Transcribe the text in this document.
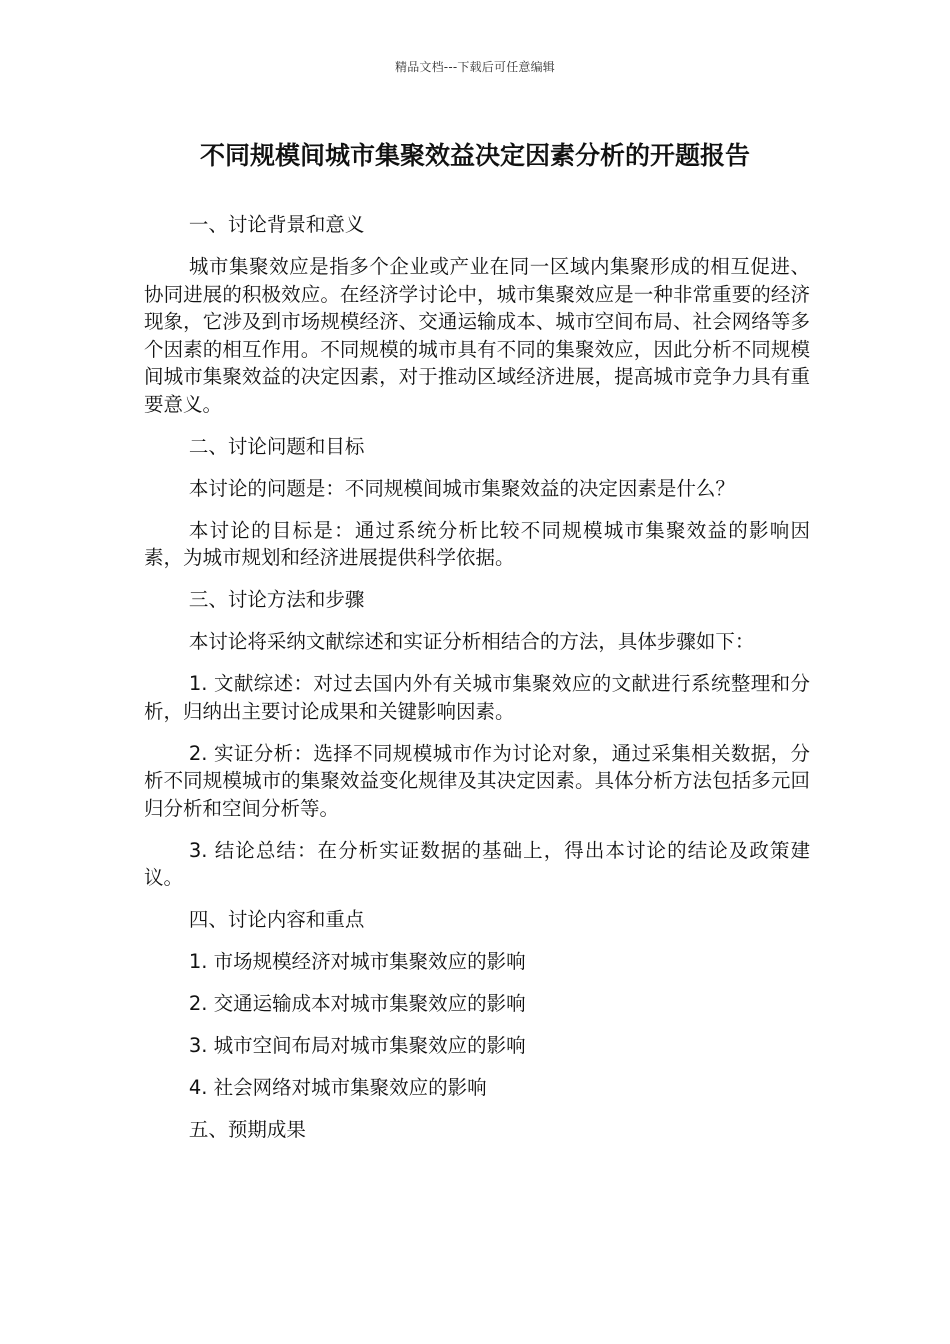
精品文档---下载后可任意编辑
不同规模间城市集聚效益决定因素分析的开题报告

一、讨论背景和意义

城市集聚效应是指多个企业或产业在同一区域内集聚形成的相互促进、协同进展的积极效应。在经济学讨论中，城市集聚效应是一种非常重要的经济现象，它涉及到市场规模经济、交通运输成本、城市空间布局、社会网络等多个因素的相互作用。不同规模的城市具有不同的集聚效应，因此分析不同规模间城市集聚效益的决定因素，对于推动区域经济进展，提高城市竞争力具有重要意义。

二、讨论问题和目标

本讨论的问题是：不同规模间城市集聚效益的决定因素是什么？

本讨论的目标是：通过系统分析比较不同规模城市集聚效益的影响因素，为城市规划和经济进展提供科学依据。

三、讨论方法和步骤

本讨论将采纳文献综述和实证分析相结合的方法，具体步骤如下：

1. 文献综述：对过去国内外有关城市集聚效应的文献进行系统整理和分析，归纳出主要讨论成果和关键影响因素。

2. 实证分析：选择不同规模城市作为讨论对象，通过采集相关数据，分析不同规模城市的集聚效益变化规律及其决定因素。具体分析方法包括多元回归分析和空间分析等。

3. 结论总结：在分析实证数据的基础上，得出本讨论的结论及政策建议。

四、讨论内容和重点

1. 市场规模经济对城市集聚效应的影响

2. 交通运输成本对城市集聚效应的影响

3. 城市空间布局对城市集聚效应的影响

4. 社会网络对城市集聚效应的影响

五、预期成果
